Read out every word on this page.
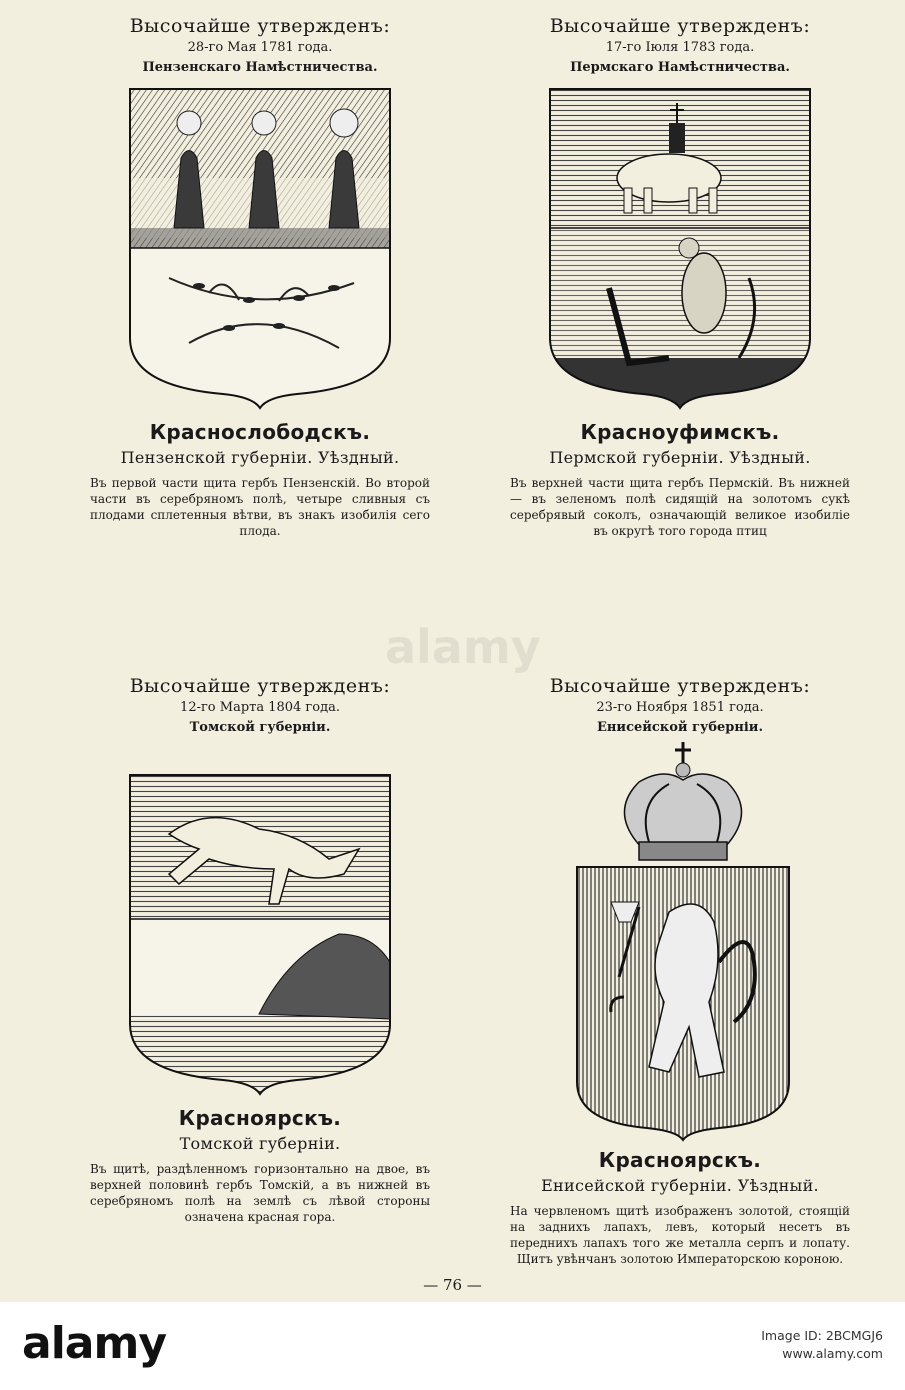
alamy
Высочайше утвержденъ:
28-го Мая 1781 года.
Пензенскаго Намѣстничества.
Краснослободскъ.
Пензенской губерніи. Уѣздный.
Въ первой части щита гербъ Пензенскій. Во второй части въ серебряномъ полѣ, четыре сливныя съ плодами сплетенныя вѣтви, въ знакъ изобилія сего плода.
Высочайше утвержденъ:
17-го Іюля 1783 года.
Пермскаго Намѣстничества.
Красноуфимскъ.
Пермской губерніи. Уѣздный.
Въ верхней части щита гербъ Пермскій. Въ нижней — въ зеленомъ полѣ сидящій на золотомъ сукѣ серебрявый соколъ, означающій великое изобиліе въ округѣ того города птиц
Высочайше утвержденъ:
12-го Марта 1804 года.
Томской губерніи.
Красноярскъ.
Томской губерніи.
Въ щитѣ, раздѣленномъ горизонтально на двое, въ верхней половинѣ гербъ Томскій, а въ нижней въ серебряномъ полѣ на землѣ съ лѣвой стороны означена красная гора.
Высочайше утвержденъ:
23-го Ноября 1851 года.
Енисейской губерніи.
Красноярскъ.
Енисейской губерніи. Уѣздный.
На червленомъ щитѣ изображенъ золотой, стоящій на заднихъ лапахъ, левъ, который несетъ въ переднихъ лапахъ того же металла серпъ и лопату. Щитъ увѣнчанъ золотою Императорскою короною.
— 76 —
alamy	Image ID: 2BCMGJ6
www.alamy.com
